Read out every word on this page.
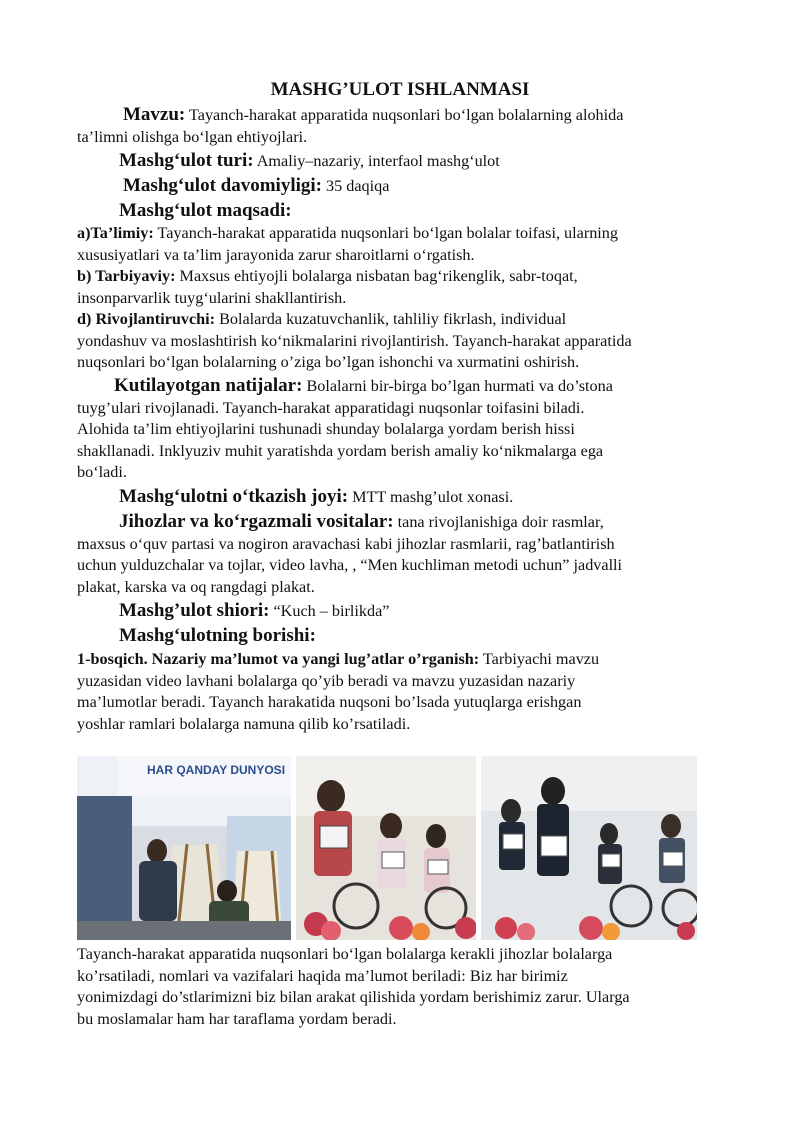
MASHG’ULOT ISHLANMASI

Mavzu: Tayanch-harakat apparatida nuqsonlari bo‘lgan bolalarning alohida
ta’limni olishga bo‘lgan ehtiyojlari.

Mashg‘ulot turi: Amaliy–nazariy, interfaol mashg‘ulot

Mashg‘ulot davomiyligi: 35 daqiqa

Mashg‘ulot maqsadi:

a)Ta’limiy: Tayanch-harakat apparatida nuqsonlari bo‘lgan bolalar toifasi, ularning
xususiyatlari va ta’lim jarayonida zarur sharoitlarni o‘rgatish.

b) Tarbiyaviy: Maxsus ehtiyojli bolalarga nisbatan bag‘rikenglik, sabr-toqat,
insonparvarlik tuyg‘ularini shakllantirish.

d) Rivojlantiruvchi: Bolalarda kuzatuvchanlik, tahliliy fikrlash, individual
yondashuv va moslashtirish ko‘nikmalarini rivojlantirish. Tayanch-harakat apparatida
nuqsonlari bo‘lgan bolalarning o’ziga bo’lgan ishonchi va xurmatini oshirish.

Kutilayotgan natijalar: Bolalarni bir-birga bo’lgan hurmati va do’stona
tuyg’ulari rivojlanadi. Tayanch-harakat apparatidagi nuqsonlar toifasini biladi.
Alohida ta’lim ehtiyojlarini tushunadi shunday bolalarga yordam berish hissi
shakllanadi. Inklyuziv muhit yaratishda yordam berish amaliy ko‘nikmalarga ega
bo‘ladi.

Mashg‘ulotni o‘tkazish joyi: MTT mashg’ulot xonasi.

Jihozlar va ko‘rgazmali vositalar: tana rivojlanishiga doir rasmlar,
maxsus o‘quv partasi va nogiron aravachasi kabi jihozlar rasmlarii, rag’batlantirish
uchun yulduzchalar va tojlar, video lavha, , “Men kuchliman metodi uchun” jadvalli
plakat, karska va oq rangdagi plakat.

Mashg’ulot shiori: “Kuch – birlikda”

Mashg‘ulotning borishi:

1-bosqich. Nazariy ma’lumot va yangi lug’atlar o’rganish: Tarbiyachi mavzu
yuzasidan video lavhani bolalarga qo’yib beradi va mavzu yuzasidan nazariy
ma’lumotlar beradi. Tayanch harakatida nuqsoni bo’lsada yutuqlarga erishgan
yoshlar ramlari bolalarga namuna qilib ko’rsatiladi.

HAR QANDAY DUNYOSI

Tayanch-harakat apparatida nuqsonlari bo‘lgan bolalarga kerakli jihozlar bolalarga
ko’rsatiladi, nomlari va vazifalari haqida ma’lumot beriladi: Biz har birimiz
yonimizdagi do’stlarimizni biz bilan arakat qilishida yordam berishimiz zarur. Ularga
bu moslamalar ham har taraflama yordam beradi.
